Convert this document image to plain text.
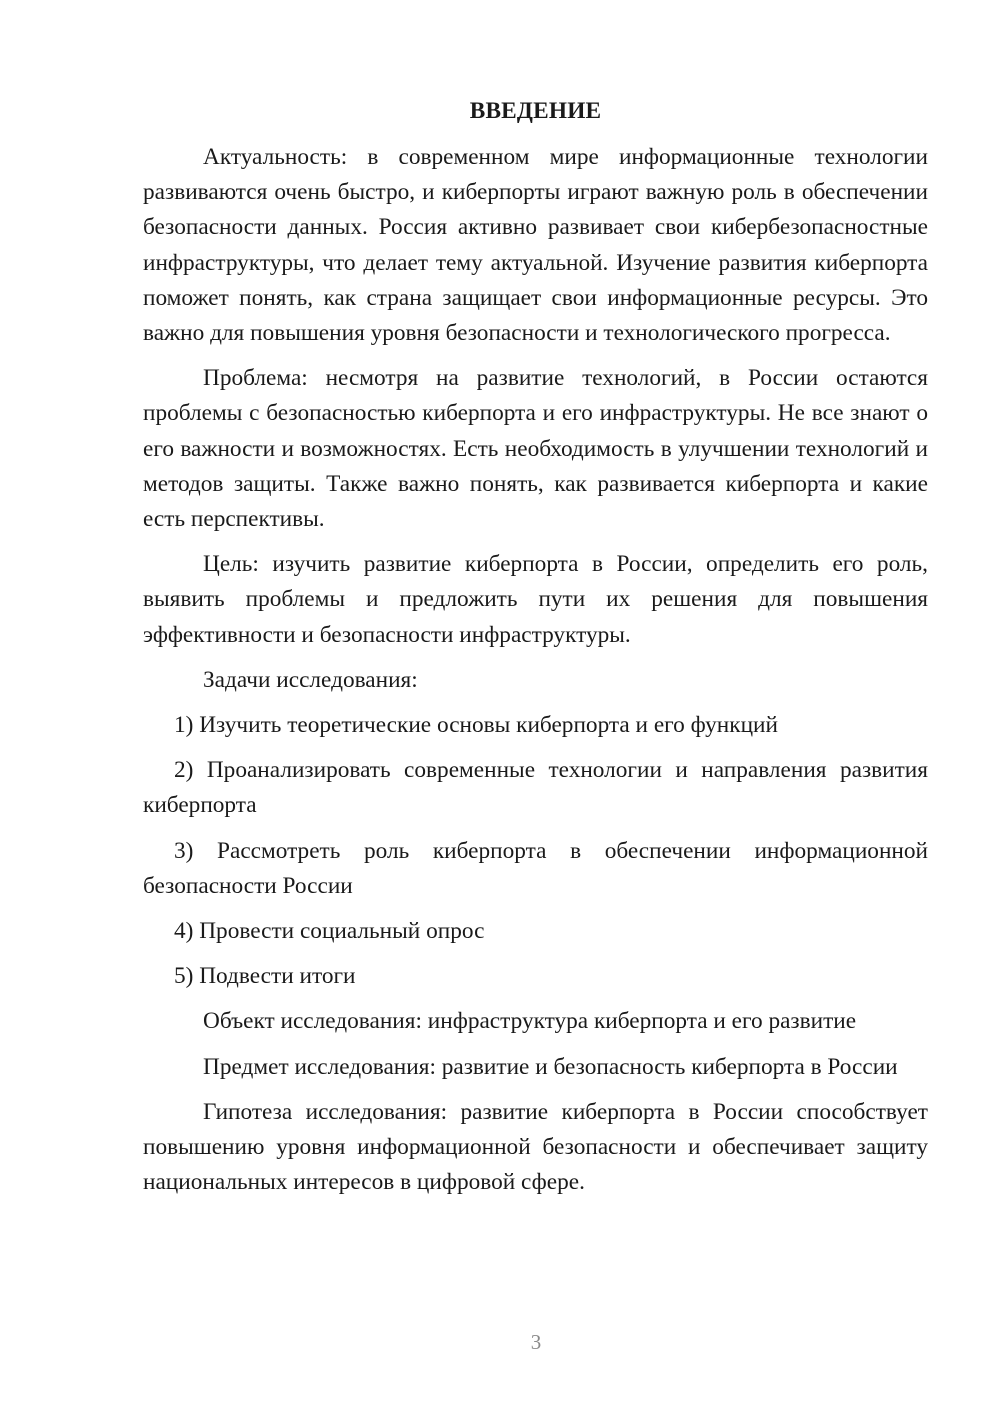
ВВЕДЕНИЕ

Актуальность: в современном мире информационные технологии развиваются очень быстро, и киберпорты играют важную роль в обеспечении безопасности данных. Россия активно развивает свои кибербезопасностные инфраструктуры, что делает тему актуальной. Изучение развития киберпорта поможет понять, как страна защищает свои информационные ресурсы. Это важно для повышения уровня безопасности и технологического прогресса.

Проблема: несмотря на развитие технологий, в России остаются проблемы с безопасностью киберпорта и его инфраструктуры. Не все знают о его важности и возможностях. Есть необходимость в улучшении технологий и методов защиты. Также важно понять, как развивается киберпорта и какие есть перспективы.

Цель: изучить развитие киберпорта в России, определить его роль, выявить проблемы и предложить пути их решения для повышения эффективности и безопасности инфраструктуры.

Задачи исследования:

1) Изучить теоретические основы киберпорта и его функций

2) Проанализировать современные технологии и направления развития киберпорта

3) Рассмотреть роль киберпорта в обеспечении информационной безопасности России

4) Провести социальный опрос

5) Подвести итоги

Объект исследования: инфраструктура киберпорта и его развитие

Предмет исследования: развитие и безопасность киберпорта в России

Гипотеза исследования: развитие киберпорта в России способствует повышению уровня информационной безопасности и обеспечивает защиту национальных интересов в цифровой сфере.

3
